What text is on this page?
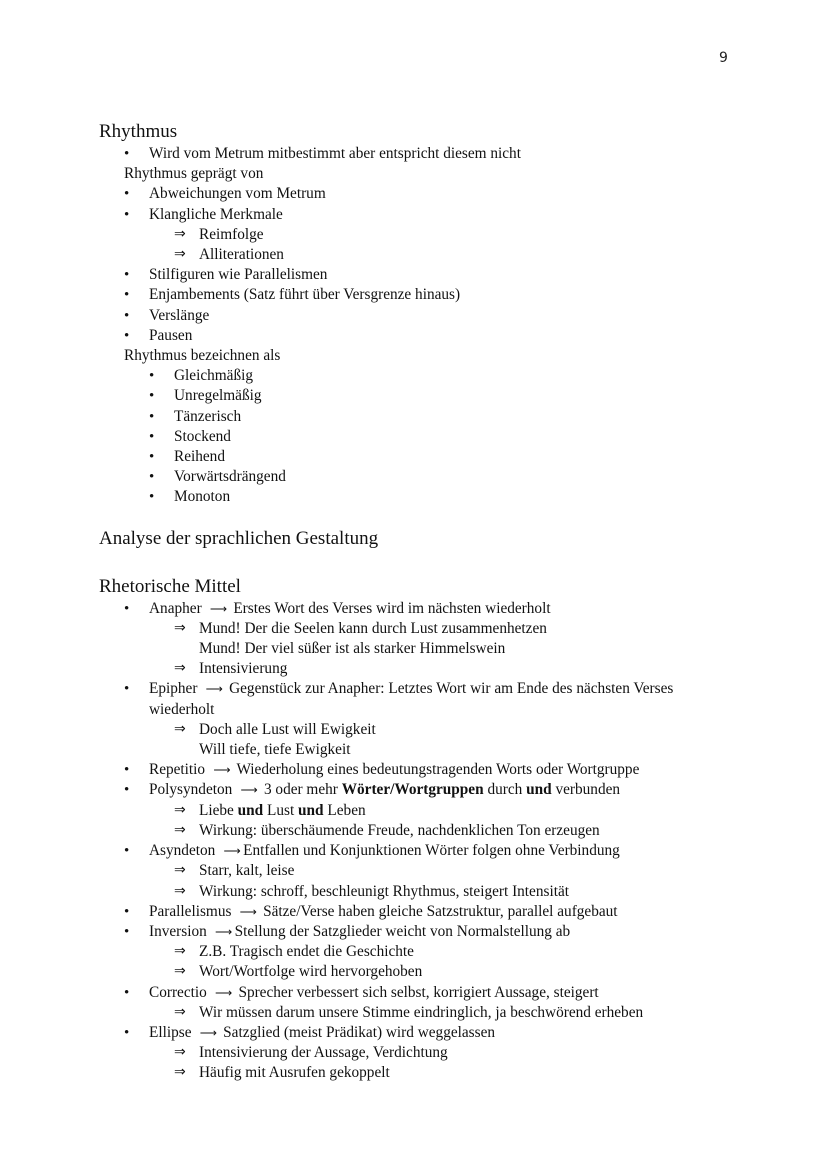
9
Rhythmus
• Wird vom Metrum mitbestimmt aber entspricht diesem nicht
Rhythmus geprägt von
• Abweichungen vom Metrum
• Klangliche Merkmale
⇒ Reimfolge
⇒ Alliterationen
• Stilfiguren wie Parallelismen
• Enjambements (Satz führt über Versgrenze hinaus)
• Verslänge
• Pausen
Rhythmus bezeichnen als
• Gleichmäßig
• Unregelmäßig
• Tänzerisch
• Stockend
• Reihend
• Vorwärtsdrängend
• Monoton
Analyse der sprachlichen Gestaltung
Rhetorische Mittel
• Anapher ⟶ Erstes Wort des Verses wird im nächsten wiederholt
⇒ Mund! Der die Seelen kann durch Lust zusammenhetzen
Mund! Der viel süßer ist als starker Himmelswein
⇒ Intensivierung
• Epipher ⟶ Gegenstück zur Anapher: Letztes Wort wir am Ende des nächsten Verses
wiederholt
⇒ Doch alle Lust will Ewigkeit
Will tiefe, tiefe Ewigkeit
• Repetitio ⟶ Wiederholung eines bedeutungstragenden Worts oder Wortgruppe
• Polysyndeton ⟶ 3 oder mehr Wörter/Wortgruppen durch und verbunden
⇒ Liebe und Lust und Leben
⇒ Wirkung: überschäumende Freude, nachdenklichen Ton erzeugen
• Asyndeton ⟶ Entfallen und Konjunktionen Wörter folgen ohne Verbindung
⇒ Starr, kalt, leise
⇒ Wirkung: schroff, beschleunigt Rhythmus, steigert Intensität
• Parallelismus ⟶ Sätze/Verse haben gleiche Satzstruktur, parallel aufgebaut
• Inversion ⟶ Stellung der Satzglieder weicht von Normalstellung ab
⇒ Z.B. Tragisch endet die Geschichte
⇒ Wort/Wortfolge wird hervorgehoben
• Correctio ⟶ Sprecher verbessert sich selbst, korrigiert Aussage, steigert
⇒ Wir müssen darum unsere Stimme eindringlich, ja beschwörend erheben
• Ellipse ⟶ Satzglied (meist Prädikat) wird weggelassen
⇒ Intensivierung der Aussage, Verdichtung
⇒ Häufig mit Ausrufen gekoppelt
